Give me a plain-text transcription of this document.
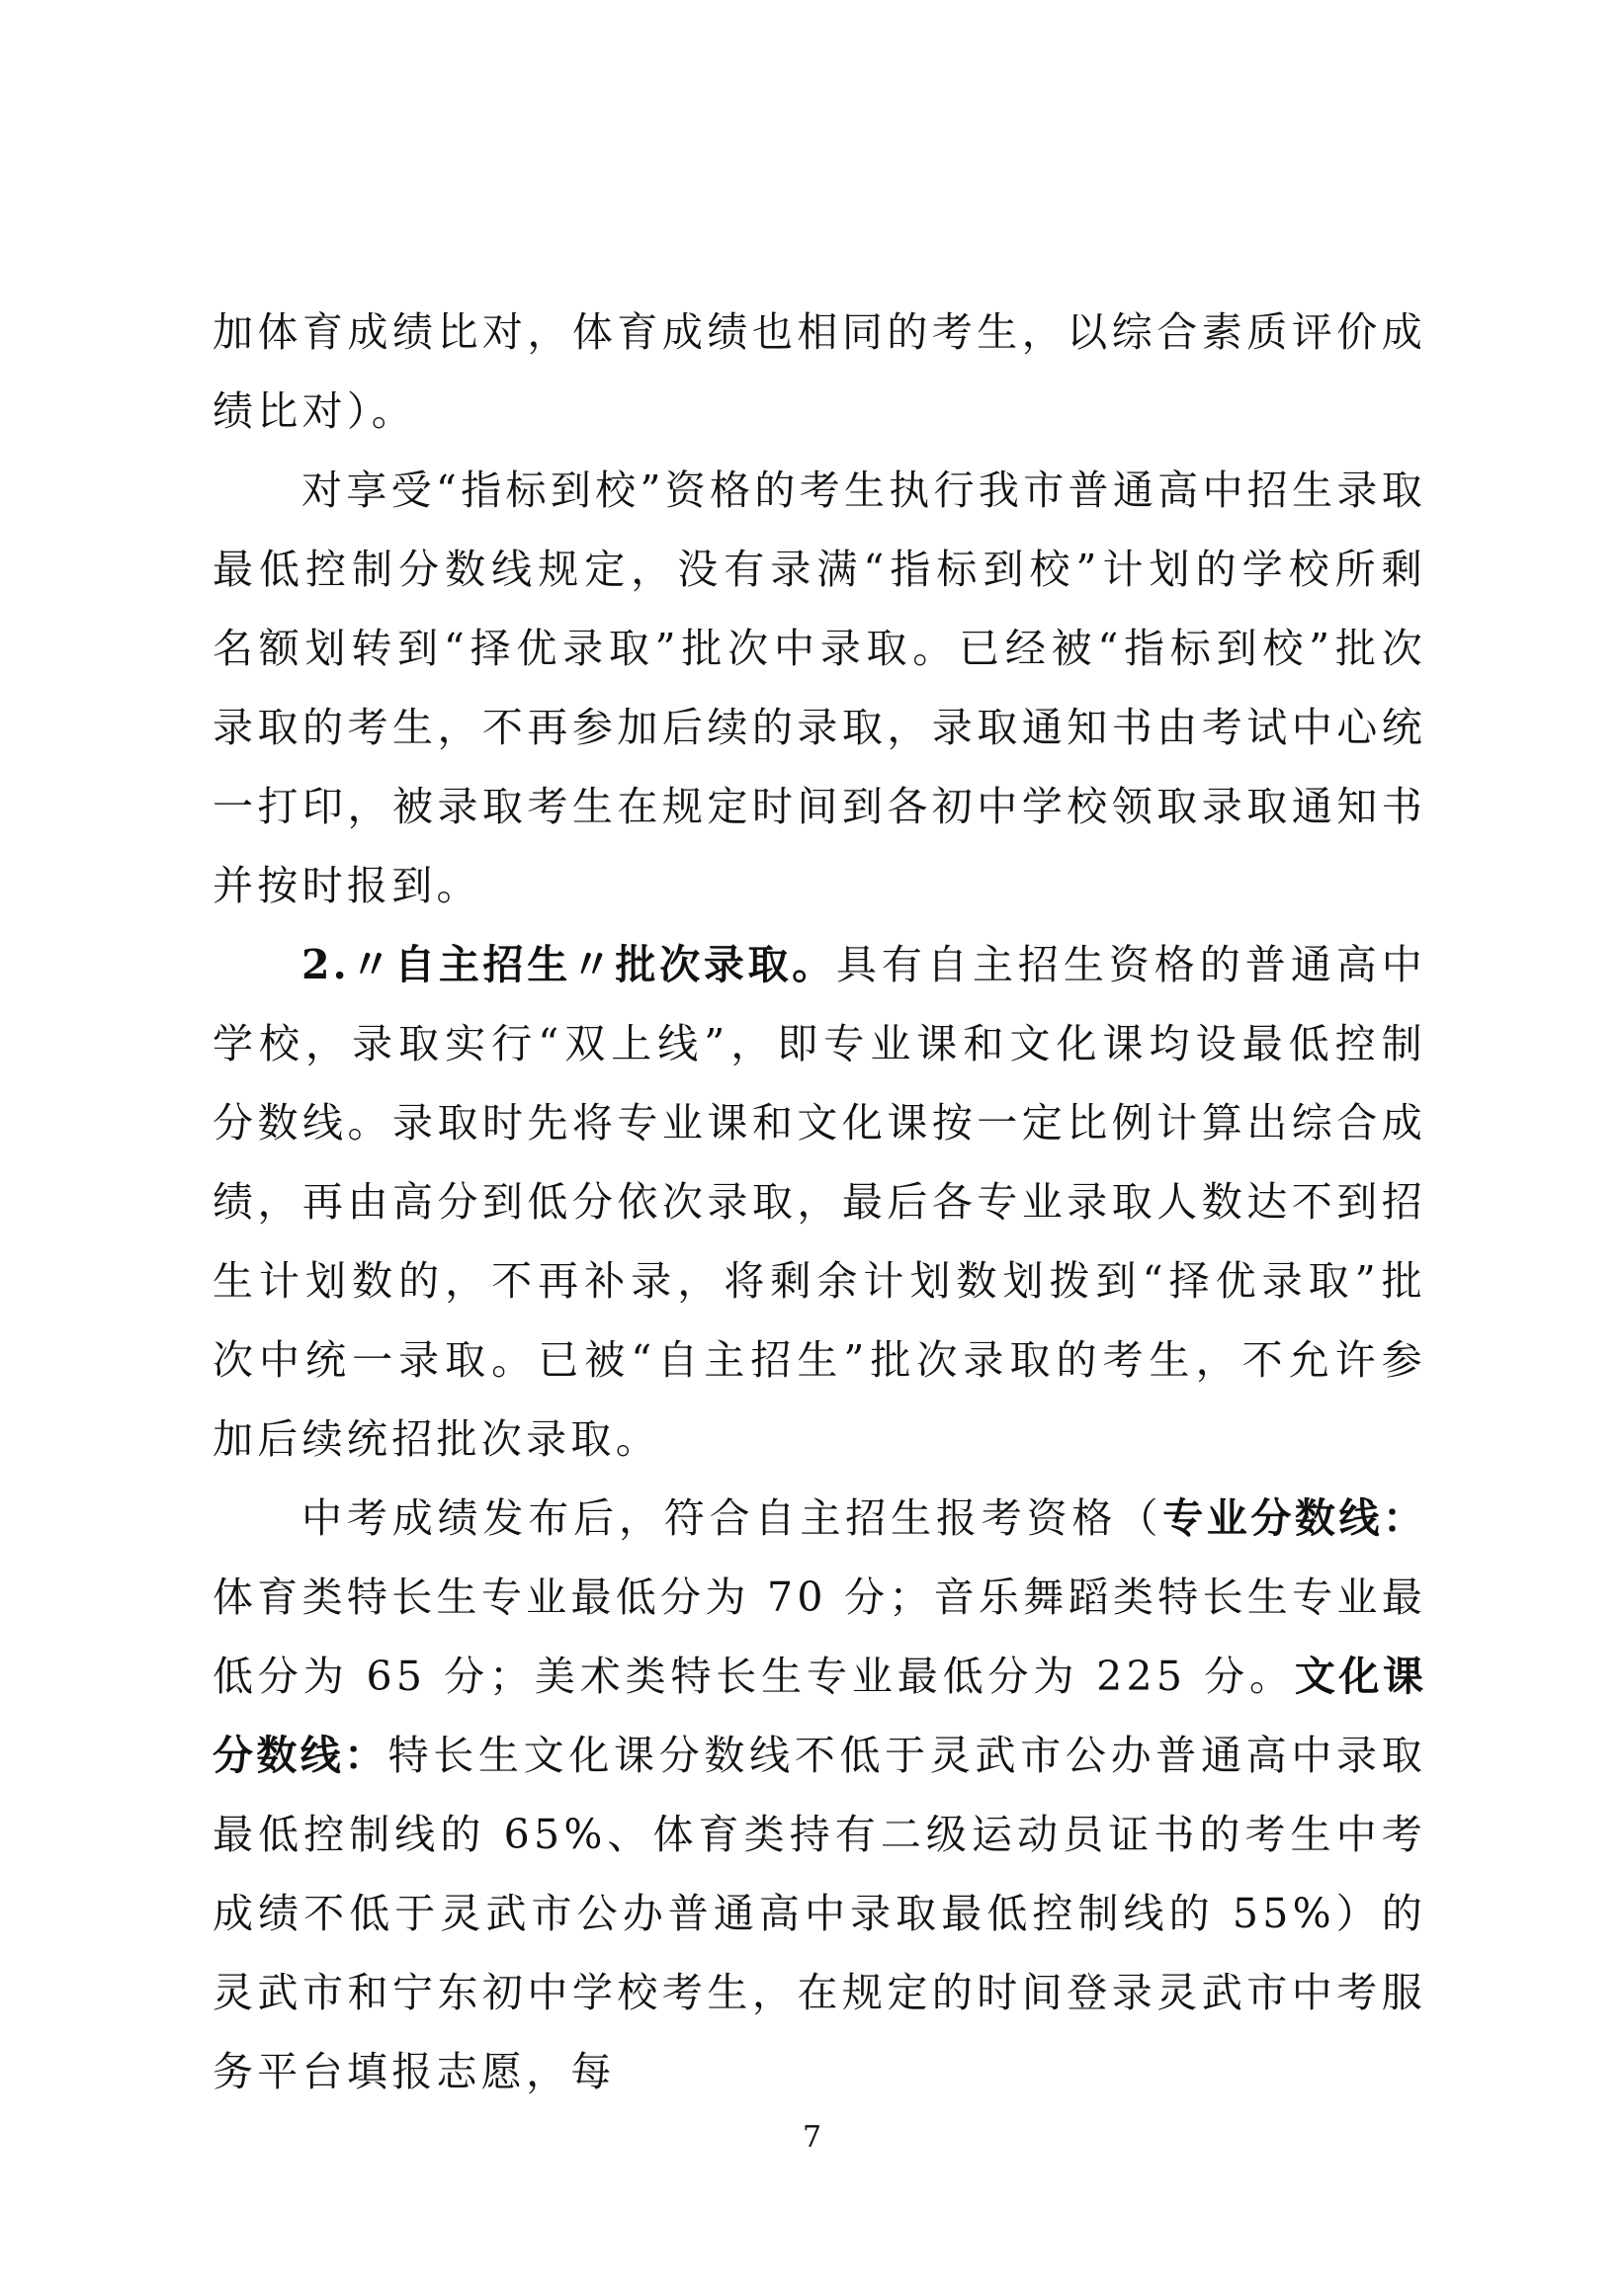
加体育成绩比对，体育成绩也相同的考生，以综合素质评价成绩比对）。

对享受“指标到校”资格的考生执行我市普通高中招生录取最低控制分数线规定，没有录满“指标到校”计划的学校所剩名额划转到“择优录取”批次中录取。已经被“指标到校”批次录取的考生，不再参加后续的录取，录取通知书由考试中心统一打印，被录取考生在规定时间到各初中学校领取录取通知书并按时报到。

2.〃自主招生〃批次录取。具有自主招生资格的普通高中学校，录取实行“双上线”，即专业课和文化课均设最低控制分数线。录取时先将专业课和文化课按一定比例计算出综合成绩，再由高分到低分依次录取，最后各专业录取人数达不到招生计划数的，不再补录，将剩余计划数划拨到“择优录取”批次中统一录取。已被“自主招生”批次录取的考生，不允许参加后续统招批次录取。

中考成绩发布后，符合自主招生报考资格（专业分数线：体育类特长生专业最低分为 70 分；音乐舞蹈类特长生专业最低分为 65 分；美术类特长生专业最低分为 225 分。文化课分数线：特长生文化课分数线不低于灵武市公办普通高中录取最低控制线的 65%、体育类持有二级运动员证书的考生中考成绩不低于灵武市公办普通高中录取最低控制线的 55%）的灵武市和宁东初中学校考生，在规定的时间登录灵武市中考服务平台填报志愿，每

7
